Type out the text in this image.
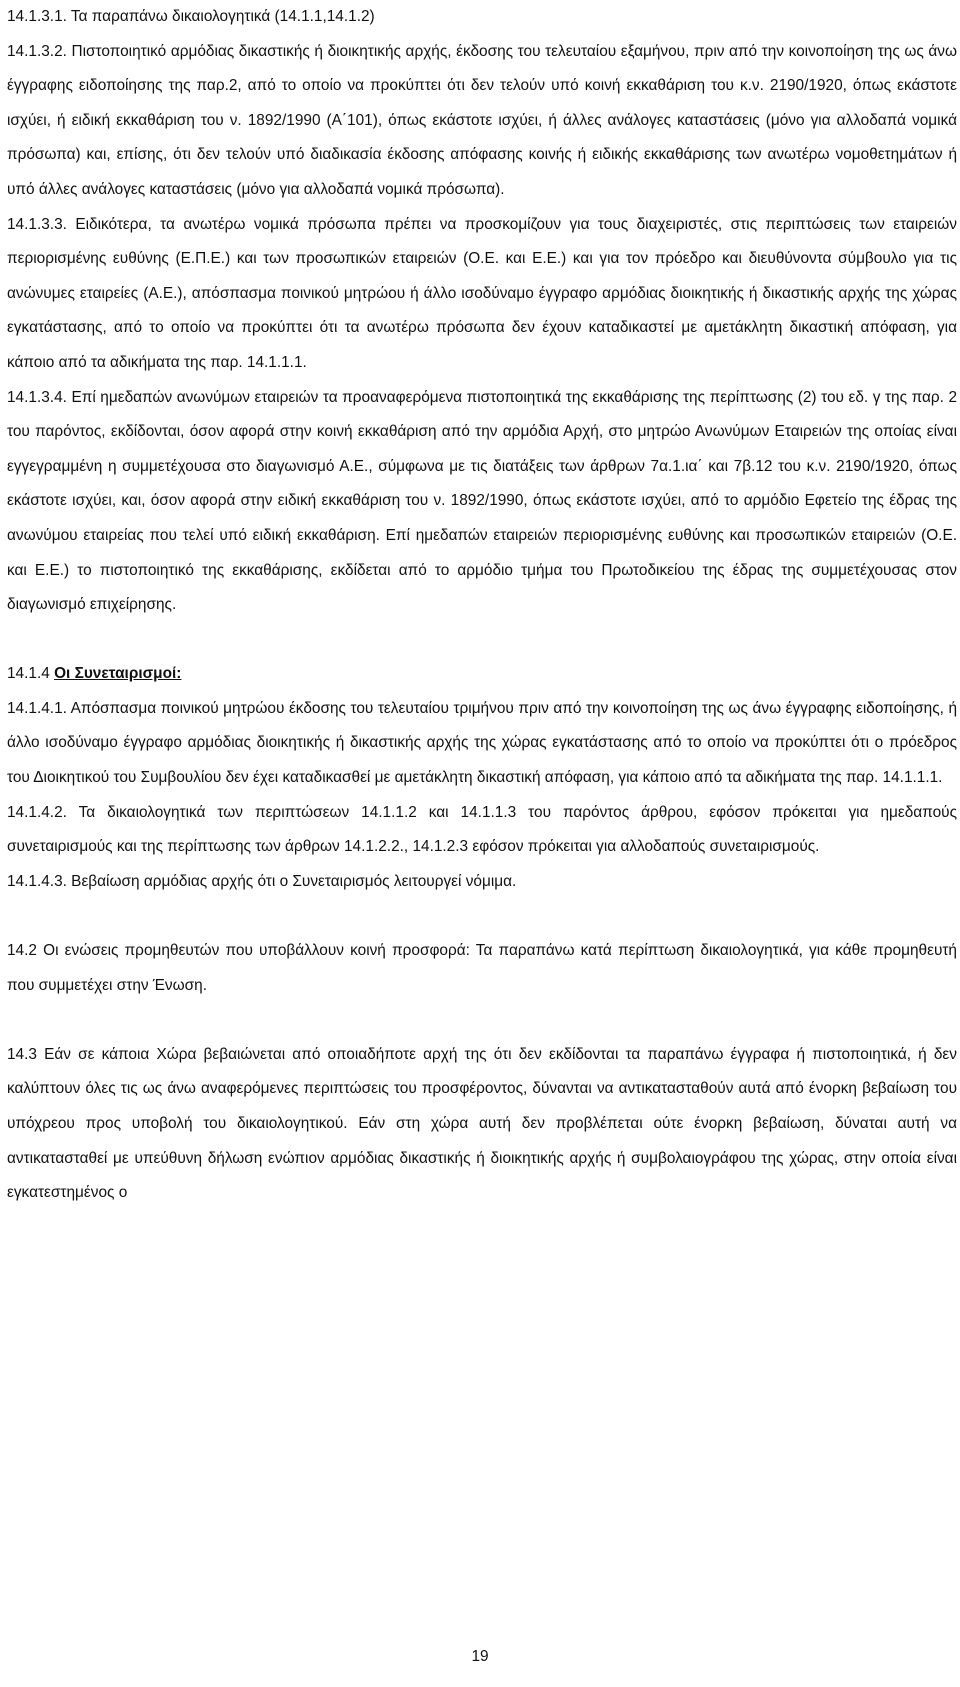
14.1.3.1. Τα παραπάνω δικαιολογητικά (14.1.1,14.1.2)

14.1.3.2. Πιστοποιητικό αρμόδιας δικαστικής ή διοικητικής αρχής, έκδοσης του τελευταίου εξαμήνου, πριν από την κοινοποίηση της ως άνω έγγραφης ειδοποίησης της παρ.2, από το οποίο να προκύπτει ότι δεν τελούν υπό κοινή εκκαθάριση του κ.ν. 2190/1920, όπως εκάστοτε ισχύει, ή ειδική εκκαθάριση του ν. 1892/1990 (Α΄101), όπως εκάστοτε ισχύει, ή άλλες ανάλογες καταστάσεις (μόνο για αλλοδαπά νομικά πρόσωπα) και, επίσης, ότι δεν τελούν υπό διαδικασία έκδοσης απόφασης κοινής ή ειδικής εκκαθάρισης των ανωτέρω νομοθετημάτων ή υπό άλλες ανάλογες καταστάσεις (μόνο για αλλοδαπά νομικά πρόσωπα).

14.1.3.3. Ειδικότερα, τα ανωτέρω νομικά πρόσωπα πρέπει να προσκομίζουν για τους διαχειριστές, στις περιπτώσεις των εταιρειών περιορισμένης ευθύνης (Ε.Π.Ε.) και των προσωπικών εταιρειών (Ο.Ε. και Ε.Ε.) και για τον πρόεδρο και διευθύνοντα σύμβουλο για τις ανώνυμες εταιρείες (Α.Ε.), απόσπασμα ποινικού μητρώου ή άλλο ισοδύναμο έγγραφο αρμόδιας διοικητικής ή δικαστικής αρχής της χώρας εγκατάστασης, από το οποίο να προκύπτει ότι τα ανωτέρω πρόσωπα δεν έχουν καταδικαστεί με αμετάκλητη δικαστική απόφαση, για κάποιο από τα αδικήματα της παρ. 14.1.1.1.

14.1.3.4. Επί ημεδαπών ανωνύμων εταιρειών τα προαναφερόμενα πιστοποιητικά της εκκαθάρισης της περίπτωσης (2) του εδ. γ της παρ. 2 του παρόντος, εκδίδονται, όσον αφορά στην κοινή εκκαθάριση από την αρμόδια Αρχή, στο μητρώο Ανωνύμων Εταιρειών της οποίας είναι εγγεγραμμένη η συμμετέχουσα στο διαγωνισμό Α.Ε., σύμφωνα με τις διατάξεις των άρθρων 7α.1.ια΄ και 7β.12 του κ.ν. 2190/1920, όπως εκάστοτε ισχύει, και, όσον αφορά στην ειδική εκκαθάριση του ν. 1892/1990, όπως εκάστοτε ισχύει, από το αρμόδιο Εφετείο της έδρας της ανωνύμου εταιρείας που τελεί υπό ειδική εκκαθάριση. Επί ημεδαπών εταιρειών περιορισμένης ευθύνης και προσωπικών εταιρειών (Ο.Ε. και Ε.Ε.) το πιστοποιητικό της εκκαθάρισης, εκδίδεται από το αρμόδιο τμήμα του Πρωτοδικείου της έδρας της συμμετέχουσας στον διαγωνισμό επιχείρησης.

14.1.4 Οι Συνεταιρισμοί:

14.1.4.1. Απόσπασμα ποινικού μητρώου έκδοσης του τελευταίου τριμήνου πριν από την κοινοποίηση της ως άνω έγγραφης ειδοποίησης, ή άλλο ισοδύναμο έγγραφο αρμόδιας διοικητικής ή δικαστικής αρχής της χώρας εγκατάστασης από το οποίο να προκύπτει ότι ο πρόεδρος του Διοικητικού του Συμβουλίου δεν έχει καταδικασθεί με αμετάκλητη δικαστική απόφαση, για κάποιο από τα αδικήματα της παρ. 14.1.1.1.

14.1.4.2. Τα δικαιολογητικά των περιπτώσεων 14.1.1.2 και 14.1.1.3 του παρόντος άρθρου, εφόσον πρόκειται για ημεδαπούς συνεταιρισμούς και της περίπτωσης των άρθρων 14.1.2.2., 14.1.2.3 εφόσον πρόκειται για αλλοδαπούς συνεταιρισμούς.

14.1.4.3. Βεβαίωση αρμόδιας αρχής ότι ο Συνεταιρισμός λειτουργεί νόμιμα.

14.2 Οι ενώσεις προμηθευτών που υποβάλλουν κοινή προσφορά: Τα παραπάνω κατά περίπτωση δικαιολογητικά, για κάθε προμηθευτή που συμμετέχει στην Ένωση.

14.3 Εάν σε κάποια Χώρα βεβαιώνεται από οποιαδήποτε αρχή της ότι δεν εκδίδονται τα παραπάνω έγγραφα ή πιστοποιητικά, ή δεν καλύπτουν όλες τις ως άνω αναφερόμενες περιπτώσεις του προσφέροντος, δύνανται να αντικατασταθούν αυτά από ένορκη βεβαίωση του υπόχρεου προς υποβολή του δικαιολογητικού. Εάν στη χώρα αυτή δεν προβλέπεται ούτε ένορκη βεβαίωση, δύναται αυτή να αντικατασταθεί με υπεύθυνη δήλωση ενώπιον αρμόδιας δικαστικής ή διοικητικής αρχής ή συμβολαιογράφου της χώρας, στην οποία είναι εγκατεστημένος ο

19
